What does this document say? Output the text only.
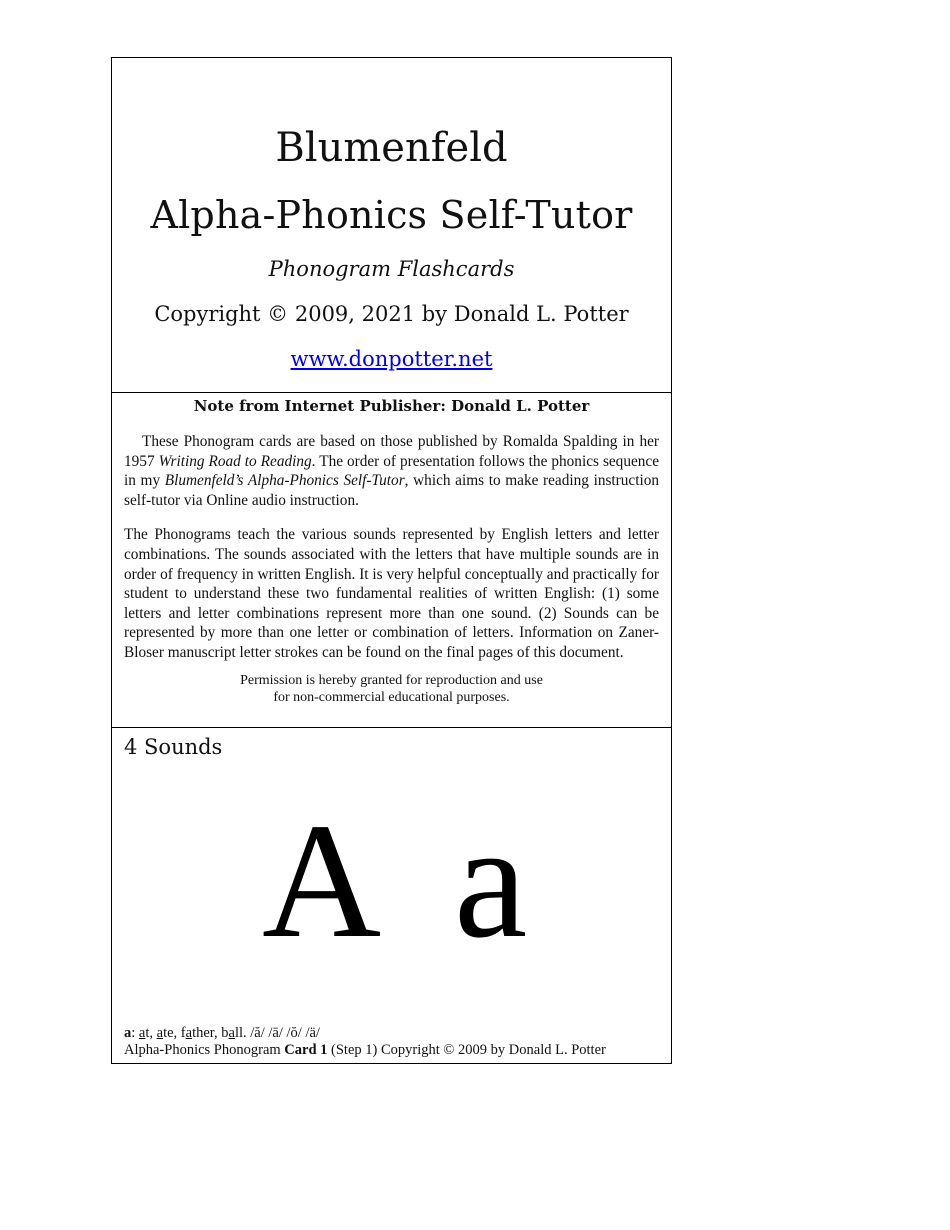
Blumenfeld
Alpha-Phonics Self-Tutor
Phonogram Flashcards
Copyright © 2009, 2021 by Donald L. Potter
www.donpotter.net
Note from Internet Publisher: Donald L. Potter

These Phonogram cards are based on those published by Romalda Spalding in her 1957 Writing Road to Reading. The order of presentation follows the phonics sequence in my Blumenfeld’s Alpha-Phonics Self-Tutor, which aims to make reading instruction self-tutor via Online audio instruction.

The Phonograms teach the various sounds represented by English letters and letter combinations. The sounds associated with the letters that have multiple sounds are in order of frequency in written English. It is very helpful conceptually and practically for student to understand these two fundamental realities of written English: (1) some letters and letter combinations represent more than one sound. (2) Sounds can be represented by more than one letter or combination of letters. Information on Zaner-Bloser manuscript letter strokes can be found on the final pages of this document.

Permission is hereby granted for reproduction and use
for non-commercial educational purposes.
4 Sounds
A a
a: at, ate, father, ball. /ă/ /ā/ /ŏ/ /ä/
Alpha-Phonics Phonogram Card 1 (Step 1) Copyright © 2009 by Donald L. Potter
